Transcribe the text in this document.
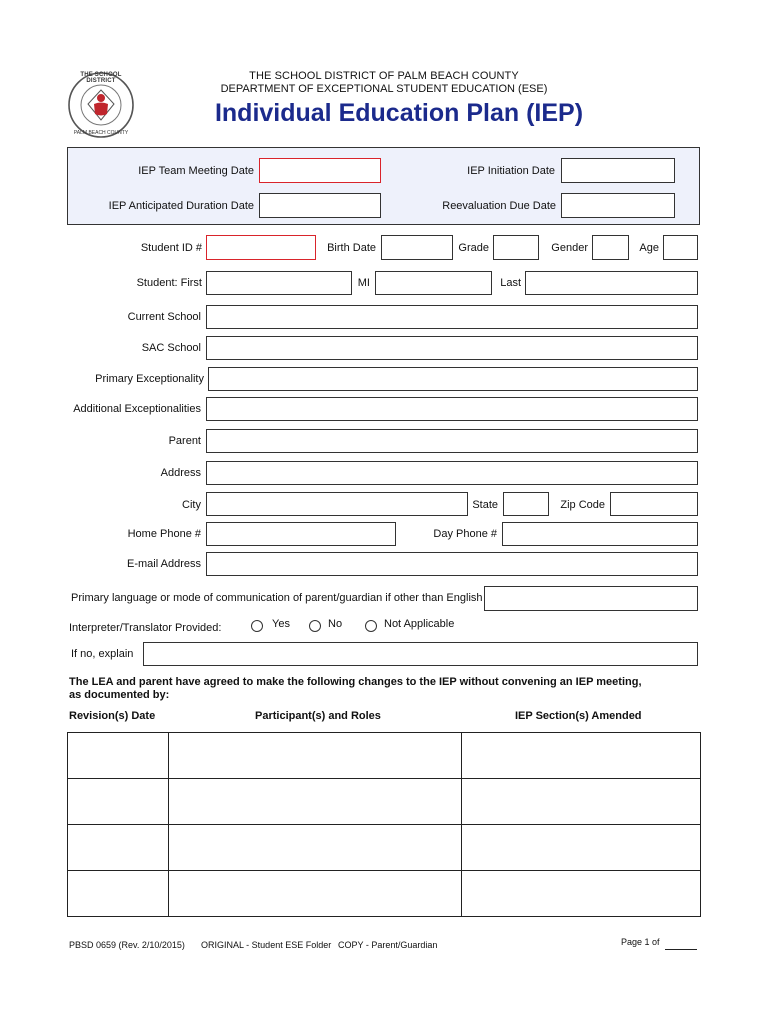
THE SCHOOL DISTRICT
PALM BEACH COUNTY
THE SCHOOL DISTRICT OF PALM BEACH COUNTY
DEPARTMENT OF EXCEPTIONAL STUDENT EDUCATION (ESE)
Individual Education Plan (IEP)
IEP Team Meeting Date	IEP Initiation Date
IEP Anticipated Duration Date	Reevaluation Due Date
Student ID #	Birth Date	Grade	Gender	Age
Student: First	MI	Last
Current School
SAC School
Primary Exceptionality
Additional Exceptionalities
Parent
Address
City	State	Zip Code
Home Phone #	Day Phone #
E-mail Address
Primary language or mode of communication of parent/guardian if other than English
Interpreter/Translator Provided:	Yes	No	Not Applicable
If no, explain
The LEA and parent have agreed to make the following changes to the IEP without convening an IEP meeting,
as documented by:
Revision(s) Date	Participant(s) and Roles	IEP Section(s) Amended

PBSD 0659 (Rev. 2/10/2015) ORIGINAL - Student ESE Folder COPY - Parent/Guardian	Page 1 of
